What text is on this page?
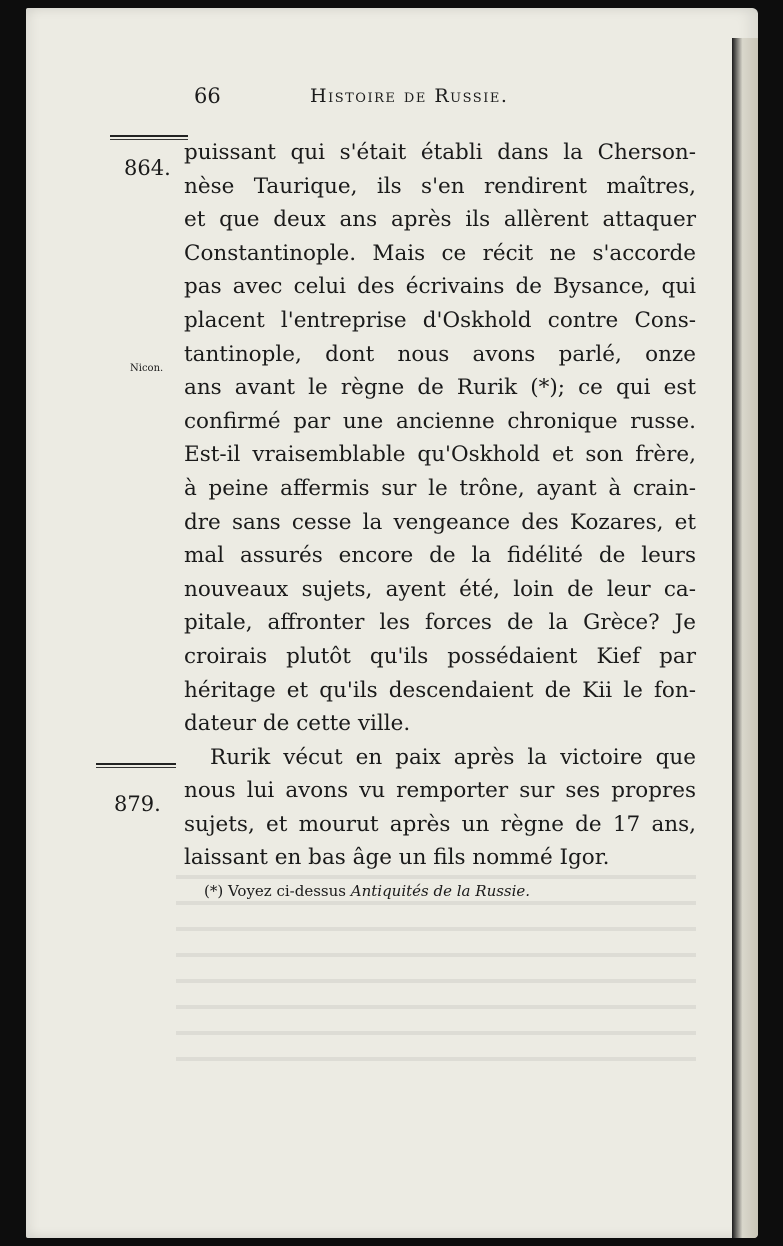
66	Histoire de Russie.
864.
Nicon.
879.
puissant qui s'était établi dans la Cherson-
nèse Taurique, ils s'en rendirent maîtres,
et que deux ans après ils allèrent attaquer
Constantinople. Mais ce récit ne s'accorde
pas avec celui des écrivains de Bysance, qui
placent l'entreprise d'Oskhold contre Cons-
tantinople, dont nous avons parlé, onze
ans avant le règne de Rurik (*); ce qui est
confirmé par une ancienne chronique russe.
Est-il vraisemblable qu'Oskhold et son frère,
à peine affermis sur le trône, ayant à crain-
dre sans cesse la vengeance des Kozares, et
mal assurés encore de la fidélité de leurs
nouveaux sujets, ayent été, loin de leur ca-
pitale, affronter les forces de la Grèce? Je
croirais plutôt qu'ils possédaient Kief par
héritage et qu'ils descendaient de Kii le fon-
dateur de cette ville.
Rurik vécut en paix après la victoire que
nous lui avons vu remporter sur ses propres
sujets, et mourut après un règne de 17 ans,
laissant en bas âge un fils nommé Igor.
(*) Voyez ci-dessus Antiquités de la Russie.
